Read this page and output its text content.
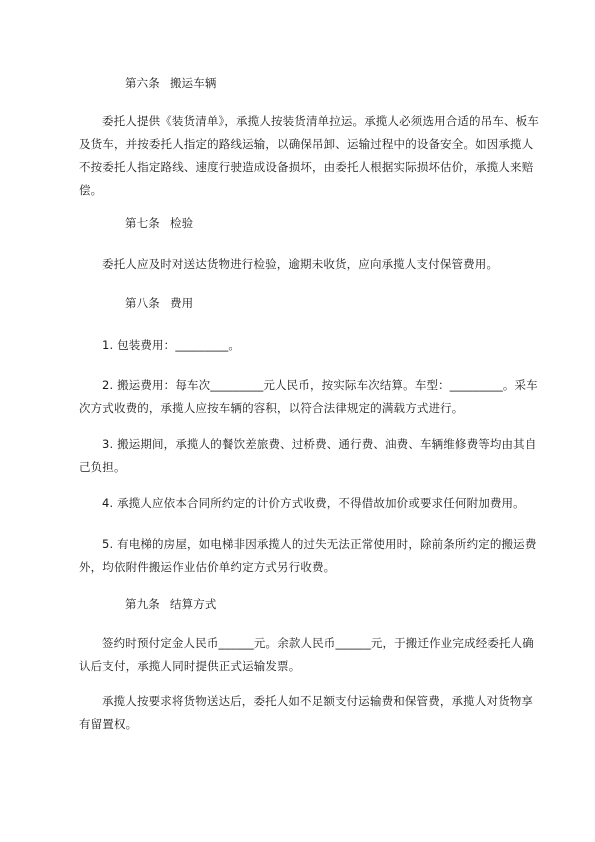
第六条 搬运车辆

委托人提供《装货清单》，承揽人按装货清单拉运。承揽人必须选用合适的吊车、板车及货车，并按委托人指定的路线运输，以确保吊卸、运输过程中的设备安全。如因承揽人不按委托人指定路线、速度行驶造成设备损坏，由委托人根据实际损坏估价，承揽人来赔偿。

第七条 检验

委托人应及时对送达货物进行检验，逾期未收货，应向承揽人支付保管费用。

第八条 费用

1. 包装费用：_________。

2. 搬运费用：每车次_________元人民币，按实际车次结算。车型：_________。采车次方式收费的，承揽人应按车辆的容积，以符合法律规定的满载方式进行。

3. 搬运期间，承揽人的餐饮差旅费、过桥费、通行费、油费、车辆维修费等均由其自己负担。

4. 承揽人应依本合同所约定的计价方式收费，不得借故加价或要求任何附加费用。

5. 有电梯的房屋，如电梯非因承揽人的过失无法正常使用时，除前条所约定的搬运费外，均依附件搬运作业估价单约定方式另行收费。

第九条 结算方式

签约时预付定金人民币______元。余款人民币______元，于搬迁作业完成经委托人确认后支付，承揽人同时提供正式运输发票。

承揽人按要求将货物送达后，委托人如不足额支付运输费和保管费，承揽人对货物享有留置权。
